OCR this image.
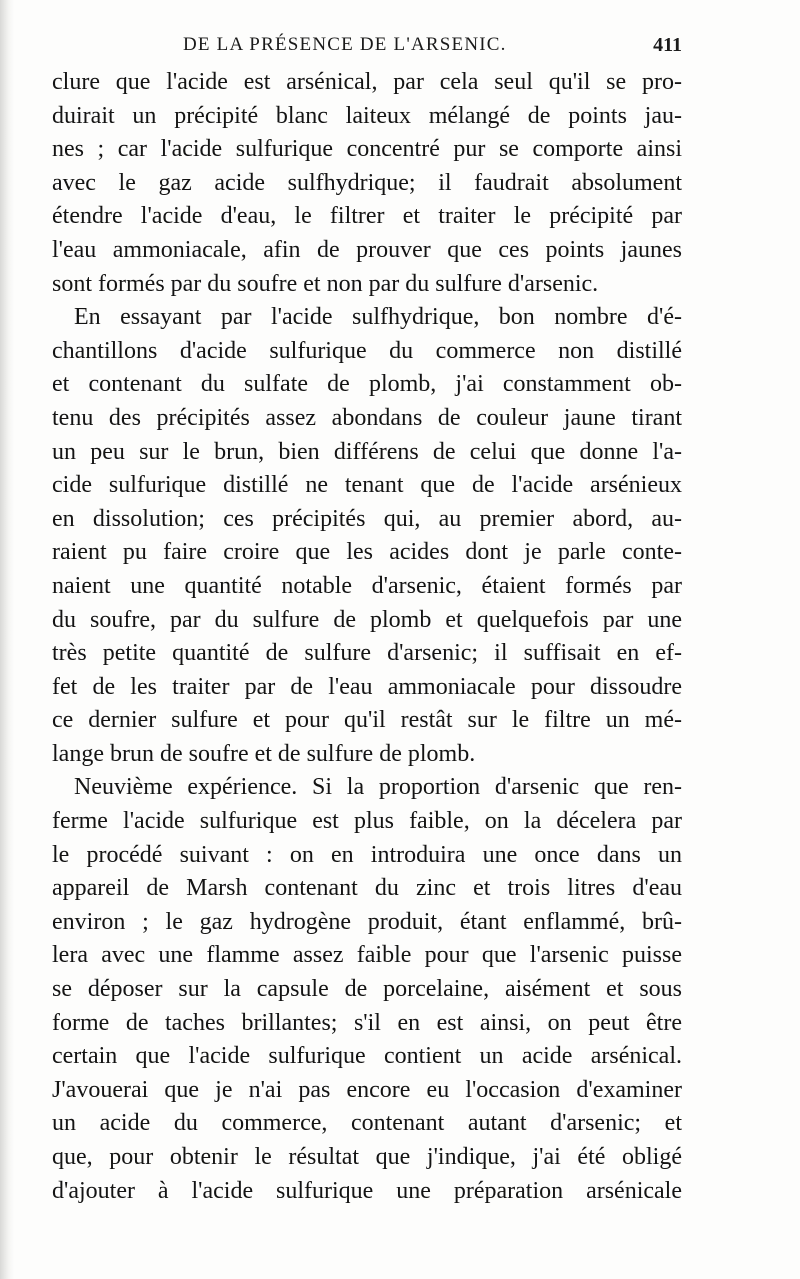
DE LA PRÉSENCE DE L'ARSENIC.	411
clure que l'acide est arsénical, par cela seul qu'il se pro-
duirait un précipité blanc laiteux mélangé de points jau-
nes ; car l'acide sulfurique concentré pur se comporte ainsi
avec le gaz acide sulfhydrique; il faudrait absolument
étendre l'acide d'eau, le filtrer et traiter le précipité par
l'eau ammoniacale, afin de prouver que ces points jaunes
sont formés par du soufre et non par du sulfure d'arsenic.
En essayant par l'acide sulfhydrique, bon nombre d'é-
chantillons d'acide sulfurique du commerce non distillé
et contenant du sulfate de plomb, j'ai constamment ob-
tenu des précipités assez abondans de couleur jaune tirant
un peu sur le brun, bien différens de celui que donne l'a-
cide sulfurique distillé ne tenant que de l'acide arsénieux
en dissolution; ces précipités qui, au premier abord, au-
raient pu faire croire que les acides dont je parle conte-
naient une quantité notable d'arsenic, étaient formés par
du soufre, par du sulfure de plomb et quelquefois par une
très petite quantité de sulfure d'arsenic; il suffisait en ef-
fet de les traiter par de l'eau ammoniacale pour dissoudre
ce dernier sulfure et pour qu'il restât sur le filtre un mé-
lange brun de soufre et de sulfure de plomb.
Neuvième expérience. Si la proportion d'arsenic que ren-
ferme l'acide sulfurique est plus faible, on la décelera par
le procédé suivant : on en introduira une once dans un
appareil de Marsh contenant du zinc et trois litres d'eau
environ ; le gaz hydrogène produit, étant enflammé, brû-
lera avec une flamme assez faible pour que l'arsenic puisse
se déposer sur la capsule de porcelaine, aisément et sous
forme de taches brillantes; s'il en est ainsi, on peut être
certain que l'acide sulfurique contient un acide arsénical.
J'avouerai que je n'ai pas encore eu l'occasion d'examiner
un acide du commerce, contenant autant d'arsenic; et
que, pour obtenir le résultat que j'indique, j'ai été obligé
d'ajouter à l'acide sulfurique une préparation arsénicale
